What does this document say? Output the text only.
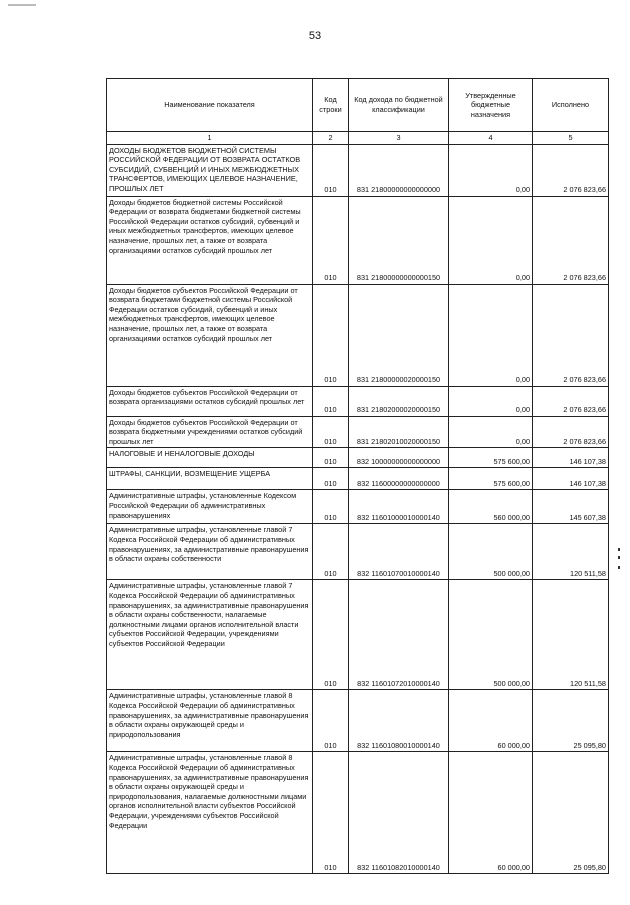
53
Наименование показателя	Код строки	Код дохода по бюджетной классификации	Утвержденные бюджетные назначения	Исполнено
1	2	3	4	5
ДОХОДЫ БЮДЖЕТОВ БЮДЖЕТНОЙ СИСТЕМЫ РОССИЙСКОЙ ФЕДЕРАЦИИ ОТ ВОЗВРАТА ОСТАТКОВ СУБСИДИЙ, СУБВЕНЦИЙ И ИНЫХ МЕЖБЮДЖЕТНЫХ ТРАНСФЕРТОВ, ИМЕЮЩИХ ЦЕЛЕВОЕ НАЗНАЧЕНИЕ, ПРОШЛЫХ ЛЕТ	010	831 21800000000000000	0,00	2 076 823,66
Доходы бюджетов бюджетной системы Российской Федерации от возврата бюджетами бюджетной системы Российской Федерации остатков субсидий, субвенций и иных межбюджетных трансфертов, имеющих целевое назначение, прошлых лет, а также от возврата организациями остатков субсидий прошлых лет	010	831 21800000000000150	0,00	2 076 823,66
Доходы бюджетов субъектов Российской Федерации от возврата бюджетами бюджетной системы Российской Федерации остатков субсидий, субвенций и иных межбюджетных трансфертов, имеющих целевое назначение, прошлых лет, а также от возврата организациями остатков субсидий прошлых лет	010	831 21800000020000150	0,00	2 076 823,66
Доходы бюджетов субъектов Российской Федерации от возврата организациями остатков субсидий прошлых лет	010	831 21802000020000150	0,00	2 076 823,66
Доходы бюджетов субъектов Российской Федерации от возврата бюджетными учреждениями остатков субсидий прошлых лет	010	831 21802010020000150	0,00	2 076 823,66
НАЛОГОВЫЕ И НЕНАЛОГОВЫЕ ДОХОДЫ	010	832 10000000000000000	575 600,00	146 107,38
ШТРАФЫ, САНКЦИИ, ВОЗМЕЩЕНИЕ УЩЕРБА	010	832 11600000000000000	575 600,00	146 107,38
Административные штрафы, установленные Кодексом Российской Федерации об административных правонарушениях	010	832 11601000010000140	560 000,00	145 607,38
Административные штрафы, установленные главой 7 Кодекса Российской Федерации об административных правонарушениях, за административные правонарушения в области охраны собственности	010	832 11601070010000140	500 000,00	120 511,58
Административные штрафы, установленные главой 7 Кодекса Российской Федерации об административных правонарушениях, за административные правонарушения в области охраны собственности, налагаемые должностными лицами органов исполнительной власти субъектов Российской Федерации, учреждениями субъектов Российской Федерации	010	832 11601072010000140	500 000,00	120 511,58
Административные штрафы, установленные главой 8 Кодекса Российской Федерации об административных правонарушениях, за административные правонарушения в области охраны окружающей среды и природопользования	010	832 11601080010000140	60 000,00	25 095,80
Административные штрафы, установленные главой 8 Кодекса Российской Федерации об административных правонарушениях, за административные правонарушения в области охраны окружающей среды и природопользования, налагаемые должностными лицами органов исполнительной власти субъектов Российской Федерации, учреждениями субъектов Российской Федерации	010	832 11601082010000140	60 000,00	25 095,80
